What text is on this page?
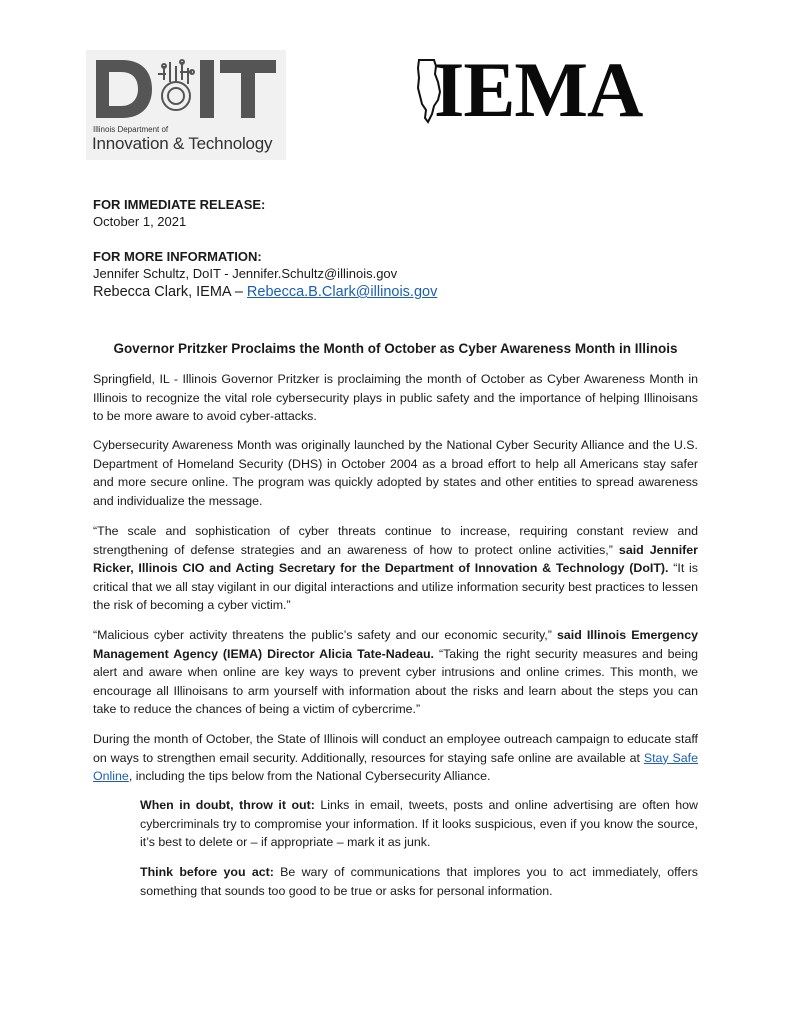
Illinois Department of
Innovation & Technology
IEMA
FOR IMMEDIATE RELEASE:
October 1, 2021
FOR MORE INFORMATION:
Jennifer Schultz, DoIT - Jennifer.Schultz@illinois.gov
Rebecca Clark, IEMA – Rebecca.B.Clark@illinois.gov
Governor Pritzker Proclaims the Month of October as Cyber Awareness Month in Illinois

Springfield, IL - Illinois Governor Pritzker is proclaiming the month of October as Cyber Awareness Month in Illinois to recognize the vital role cybersecurity plays in public safety and the importance of helping Illinoisans to be more aware to avoid cyber-attacks.

Cybersecurity Awareness Month was originally launched by the National Cyber Security Alliance and the U.S. Department of Homeland Security (DHS) in October 2004 as a broad effort to help all Americans stay safer and more secure online. The program was quickly adopted by states and other entities to spread awareness and individualize the message.

“The scale and sophistication of cyber threats continue to increase, requiring constant review and strengthening of defense strategies and an awareness of how to protect online activities,” said Jennifer Ricker, Illinois CIO and Acting Secretary for the Department of Innovation & Technology (DoIT). “It is critical that we all stay vigilant in our digital interactions and utilize information security best practices to lessen the risk of becoming a cyber victim.”

“Malicious cyber activity threatens the public’s safety and our economic security,” said Illinois Emergency Management Agency (IEMA) Director Alicia Tate-Nadeau. “Taking the right security measures and being alert and aware when online are key ways to prevent cyber intrusions and online crimes. This month, we encourage all Illinoisans to arm yourself with information about the risks and learn about the steps you can take to reduce the chances of being a victim of cybercrime.”

During the month of October, the State of Illinois will conduct an employee outreach campaign to educate staff on ways to strengthen email security. Additionally, resources for staying safe online are available at Stay Safe Online, including the tips below from the National Cybersecurity Alliance.

When in doubt, throw it out: Links in email, tweets, posts and online advertising are often how cybercriminals try to compromise your information. If it looks suspicious, even if you know the source, it’s best to delete or – if appropriate – mark it as junk.

Think before you act: Be wary of communications that implores you to act immediately, offers something that sounds too good to be true or asks for personal information.
